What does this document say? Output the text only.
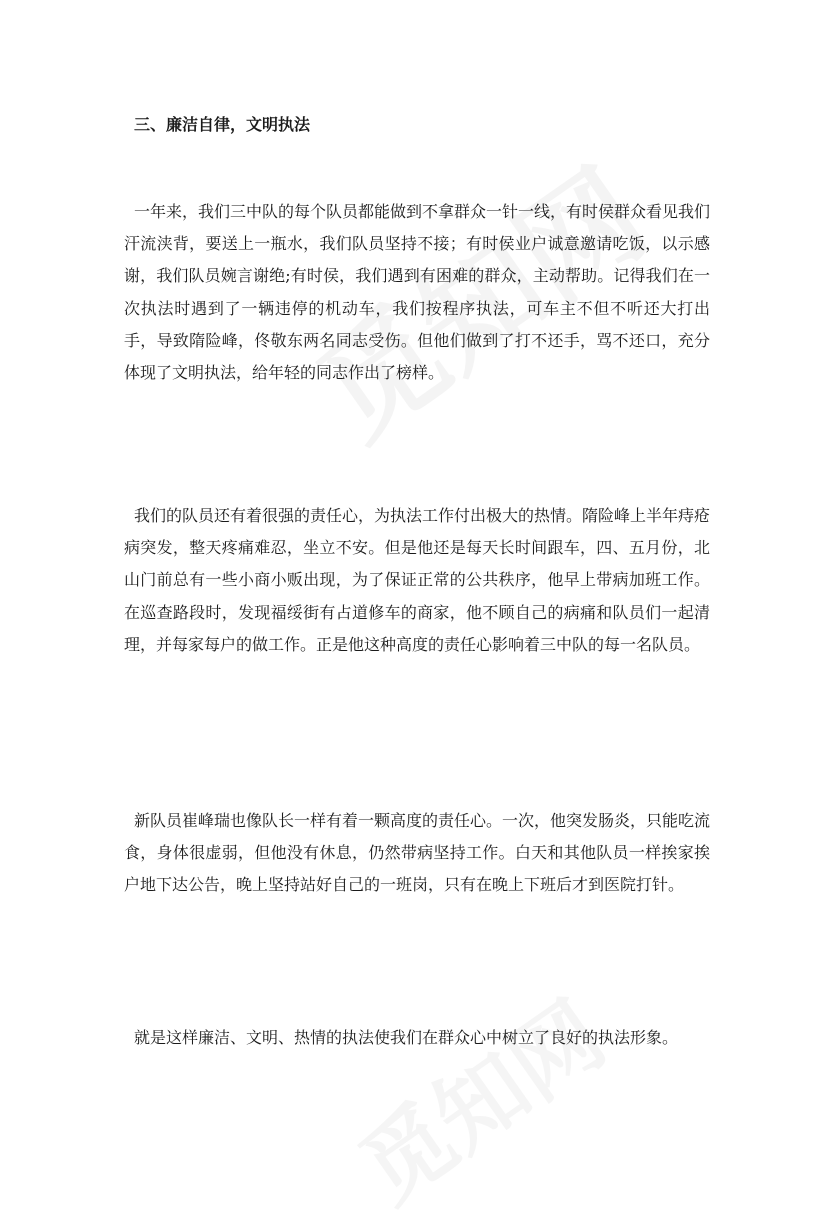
三、廉洁自律，文明执法

一年来，我们三中队的每个队员都能做到不拿群众一针一线，有时侯群众看见我们汗流浃背，要送上一瓶水，我们队员坚持不接；有时侯业户诚意邀请吃饭，以示感谢，我们队员婉言谢绝;有时侯，我们遇到有困难的群众，主动帮助。记得我们在一次执法时遇到了一辆违停的机动车，我们按程序执法，可车主不但不听还大打出手，导致隋险峰，佟敬东两名同志受伤。但他们做到了打不还手，骂不还口，充分体现了文明执法，给年轻的同志作出了榜样。

我们的队员还有着很强的责任心，为执法工作付出极大的热情。隋险峰上半年痔疮病突发，整天疼痛难忍，坐立不安。但是他还是每天长时间跟车，四、五月份，北山门前总有一些小商小贩出现，为了保证正常的公共秩序，他早上带病加班工作。在巡查路段时，发现福绥街有占道修车的商家，他不顾自己的病痛和队员们一起清理，并每家每户的做工作。正是他这种高度的责任心影响着三中队的每一名队员。

新队员崔峰瑞也像队长一样有着一颗高度的责任心。一次，他突发肠炎，只能吃流食，身体很虚弱，但他没有休息，仍然带病坚持工作。白天和其他队员一样挨家挨户地下达公告，晚上坚持站好自己的一班岗，只有在晚上下班后才到医院打针。

就是这样廉洁、文明、热情的执法使我们在群众心中树立了良好的执法形象。
